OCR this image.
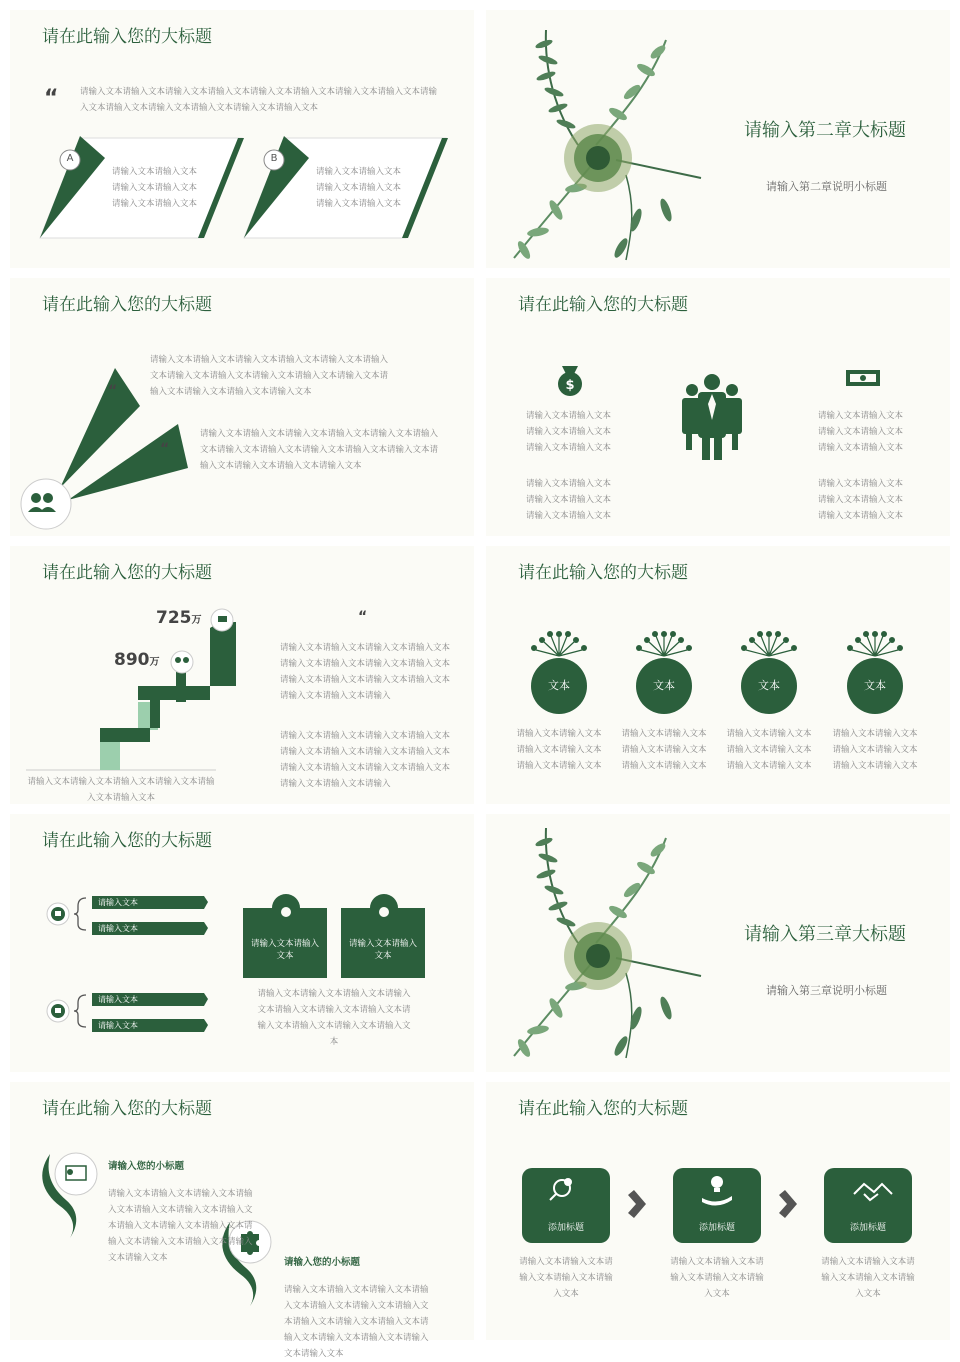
请在此输入您的大标题
“	请输入文本请输入文本请输入文本请输入文本请输入文本请输入文本请输入文本请输入文本请输入文本请输入文本请输入文本请输入文本请输入文本请输入文本
A	B
请输入文本请输入文本请输入文本请输入文本请输入文本请输入文本
请输入文本请输入文本请输入文本请输入文本请输入文本请输入文本
请输入第二章大标题
请输入第二章说明小标题
请在此输入您的大标题
“
“
请输入文本请输入文本请输入文本请输入文本请输入文本请输入文本请输入文本请输入文本请输入文本请输入文本请输入文本请输入文本请输入文本请输入文本请输入文本
请输入文本请输入文本请输入文本请输入文本请输入文本请输入文本请输入文本请输入文本请输入文本请输入文本请输入文本请输入文本请输入文本请输入文本请输入文本
请在此输入您的大标题
$
请输入文本请输入文本请输入文本请输入文本请输入文本请输入文本
请输入文本请输入文本请输入文本请输入文本请输入文本请输入文本
请输入文本请输入文本请输入文本请输入文本请输入文本请输入文本
请输入文本请输入文本请输入文本请输入文本请输入文本请输入文本
请在此输入您的大标题
725万
890万
请输入文本请输入文本请输入文本请输入文本请输入文本请输入文本
“
请输入文本请输入文本请输入文本请输入文本请输入文本请输入文本请输入文本请输入文本请输入文本请输入文本请输入文本请输入文本请输入文本请输入文本请输入
请输入文本请输入文本请输入文本请输入文本请输入文本请输入文本请输入文本请输入文本请输入文本请输入文本请输入文本请输入文本请输入文本请输入文本请输入
请在此输入您的大标题
文本	文本	文本	文本
请输入文本请输入文本请输入文本请输入文本请输入文本请输入文本
请输入文本请输入文本请输入文本请输入文本请输入文本请输入文本
请输入文本请输入文本请输入文本请输入文本请输入文本请输入文本
请输入文本请输入文本请输入文本请输入文本请输入文本请输入文本
请在此输入您的大标题
请输入文本
请输入文本
请输入文本
请输入文本
请输入文本请输入文本
请输入文本请输入文本
请输入文本请输入文本请输入文本请输入文本请输入文本请输入文本请输入文本请输入文本请输入文本请输入文本请输入文本
请输入第三章大标题
请输入第三章说明小标题
请在此输入您的大标题
请输入您的小标题
请输入文本请输入文本请输入文本请输入文本请输入文本请输入文本请输入文本请输入文本请输入文本请输入文本请输入文本请输入文本请输入文本请输入文本请输入文本	请输入您的小标题
请输入文本请输入文本请输入文本请输入文本请输入文本请输入文本请输入文本请输入文本请输入文本请输入文本请输入文本请输入文本请输入文本请输入文本请输入文本
请在此输入您的大标题
添加标题	添加标题	添加标题
请输入文本请输入文本请输入文本请输入文本请输入文本
请输入文本请输入文本请输入文本请输入文本请输入文本
请输入文本请输入文本请输入文本请输入文本请输入文本
